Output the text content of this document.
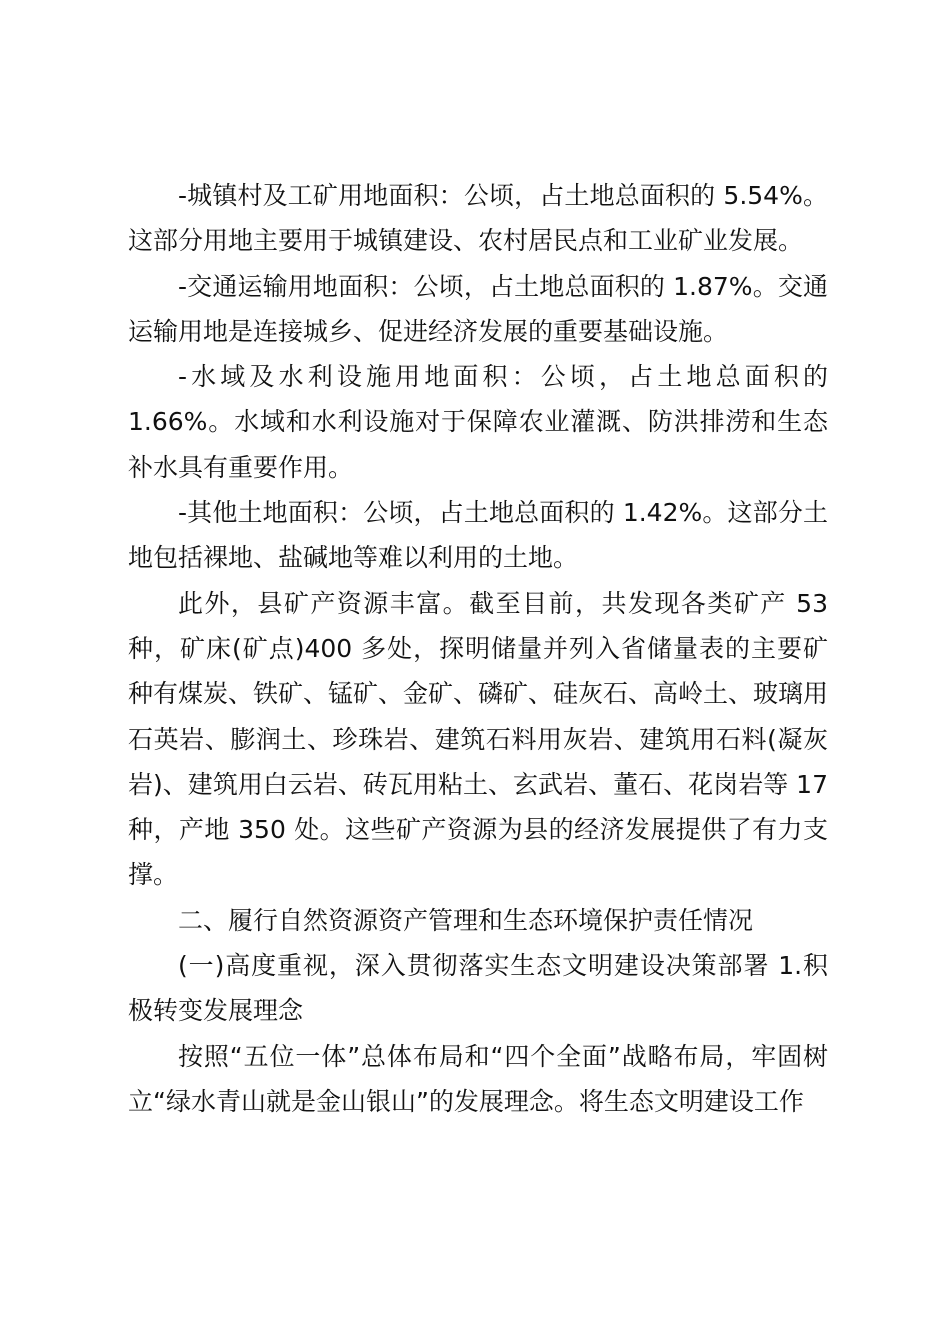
-城镇村及工矿用地面积：公顷，占土地总面积的 5.54%。这部分用地主要用于城镇建设、农村居民点和工业矿业发展。

-交通运输用地面积：公顷，占土地总面积的 1.87%。交通运输用地是连接城乡、促进经济发展的重要基础设施。

-水域及水利设施用地面积：公顷，占土地总面积的 1.66%。水域和水利设施对于保障农业灌溉、防洪排涝和生态补水具有重要作用。

-其他土地面积：公顷，占土地总面积的 1.42%。这部分土地包括裸地、盐碱地等难以利用的土地。

此外，县矿产资源丰富。截至目前，共发现各类矿产 53 种，矿床(矿点)400 多处，探明储量并列入省储量表的主要矿种有煤炭、铁矿、锰矿、金矿、磷矿、硅灰石、高岭土、玻璃用石英岩、膨润土、珍珠岩、建筑石料用灰岩、建筑用石料(凝灰岩)、建筑用白云岩、砖瓦用粘土、玄武岩、董石、花岗岩等 17 种，产地 350 处。这些矿产资源为县的经济发展提供了有力支撑。

二、履行自然资源资产管理和生态环境保护责任情况

(一)高度重视，深入贯彻落实生态文明建设决策部署 1.积极转变发展理念

按照“五位一体”总体布局和“四个全面”战略布局，牢固树立“绿水青山就是金山银山”的发展理念。将生态文明建设工作
